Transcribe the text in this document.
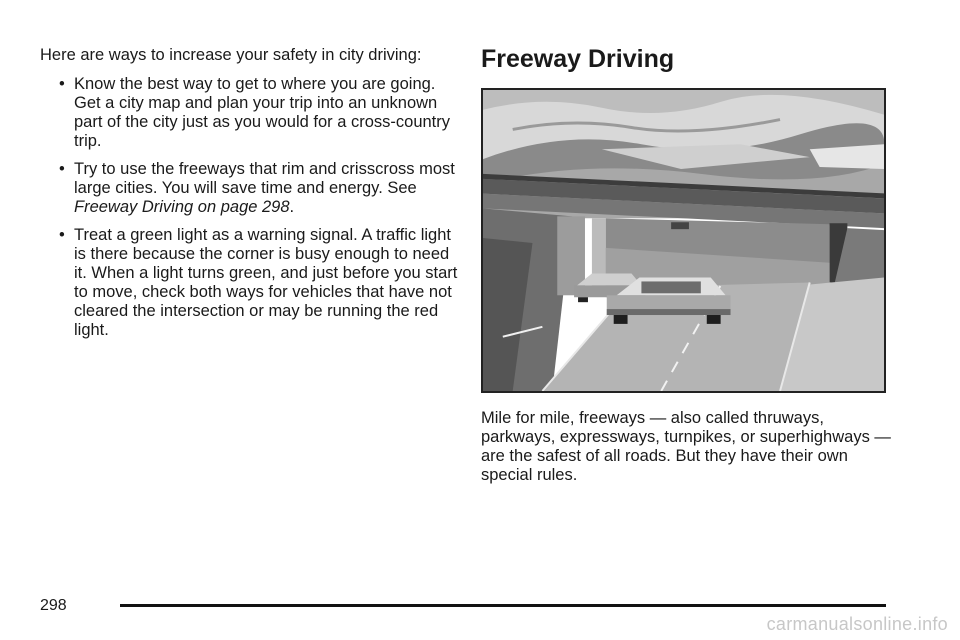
Here are ways to increase your safety in city driving:

• Know the best way to get to where you are going. Get a city map and plan your trip into an unknown part of the city just as you would for a cross-country trip.
• Try to use the freeways that rim and crisscross most large cities. You will save time and energy. See Freeway Driving on page 298.
• Treat a green light as a warning signal. A traffic light is there because the corner is busy enough to need it. When a light turns green, and just before you start to move, check both ways for vehicles that have not cleared the intersection or may be running the red light.
Freeway Driving

Mile for mile, freeways — also called thruways, parkways, expressways, turnpikes, or superhighways — are the safest of all roads. But they have their own special rules.

298
carmanualsonline.info
